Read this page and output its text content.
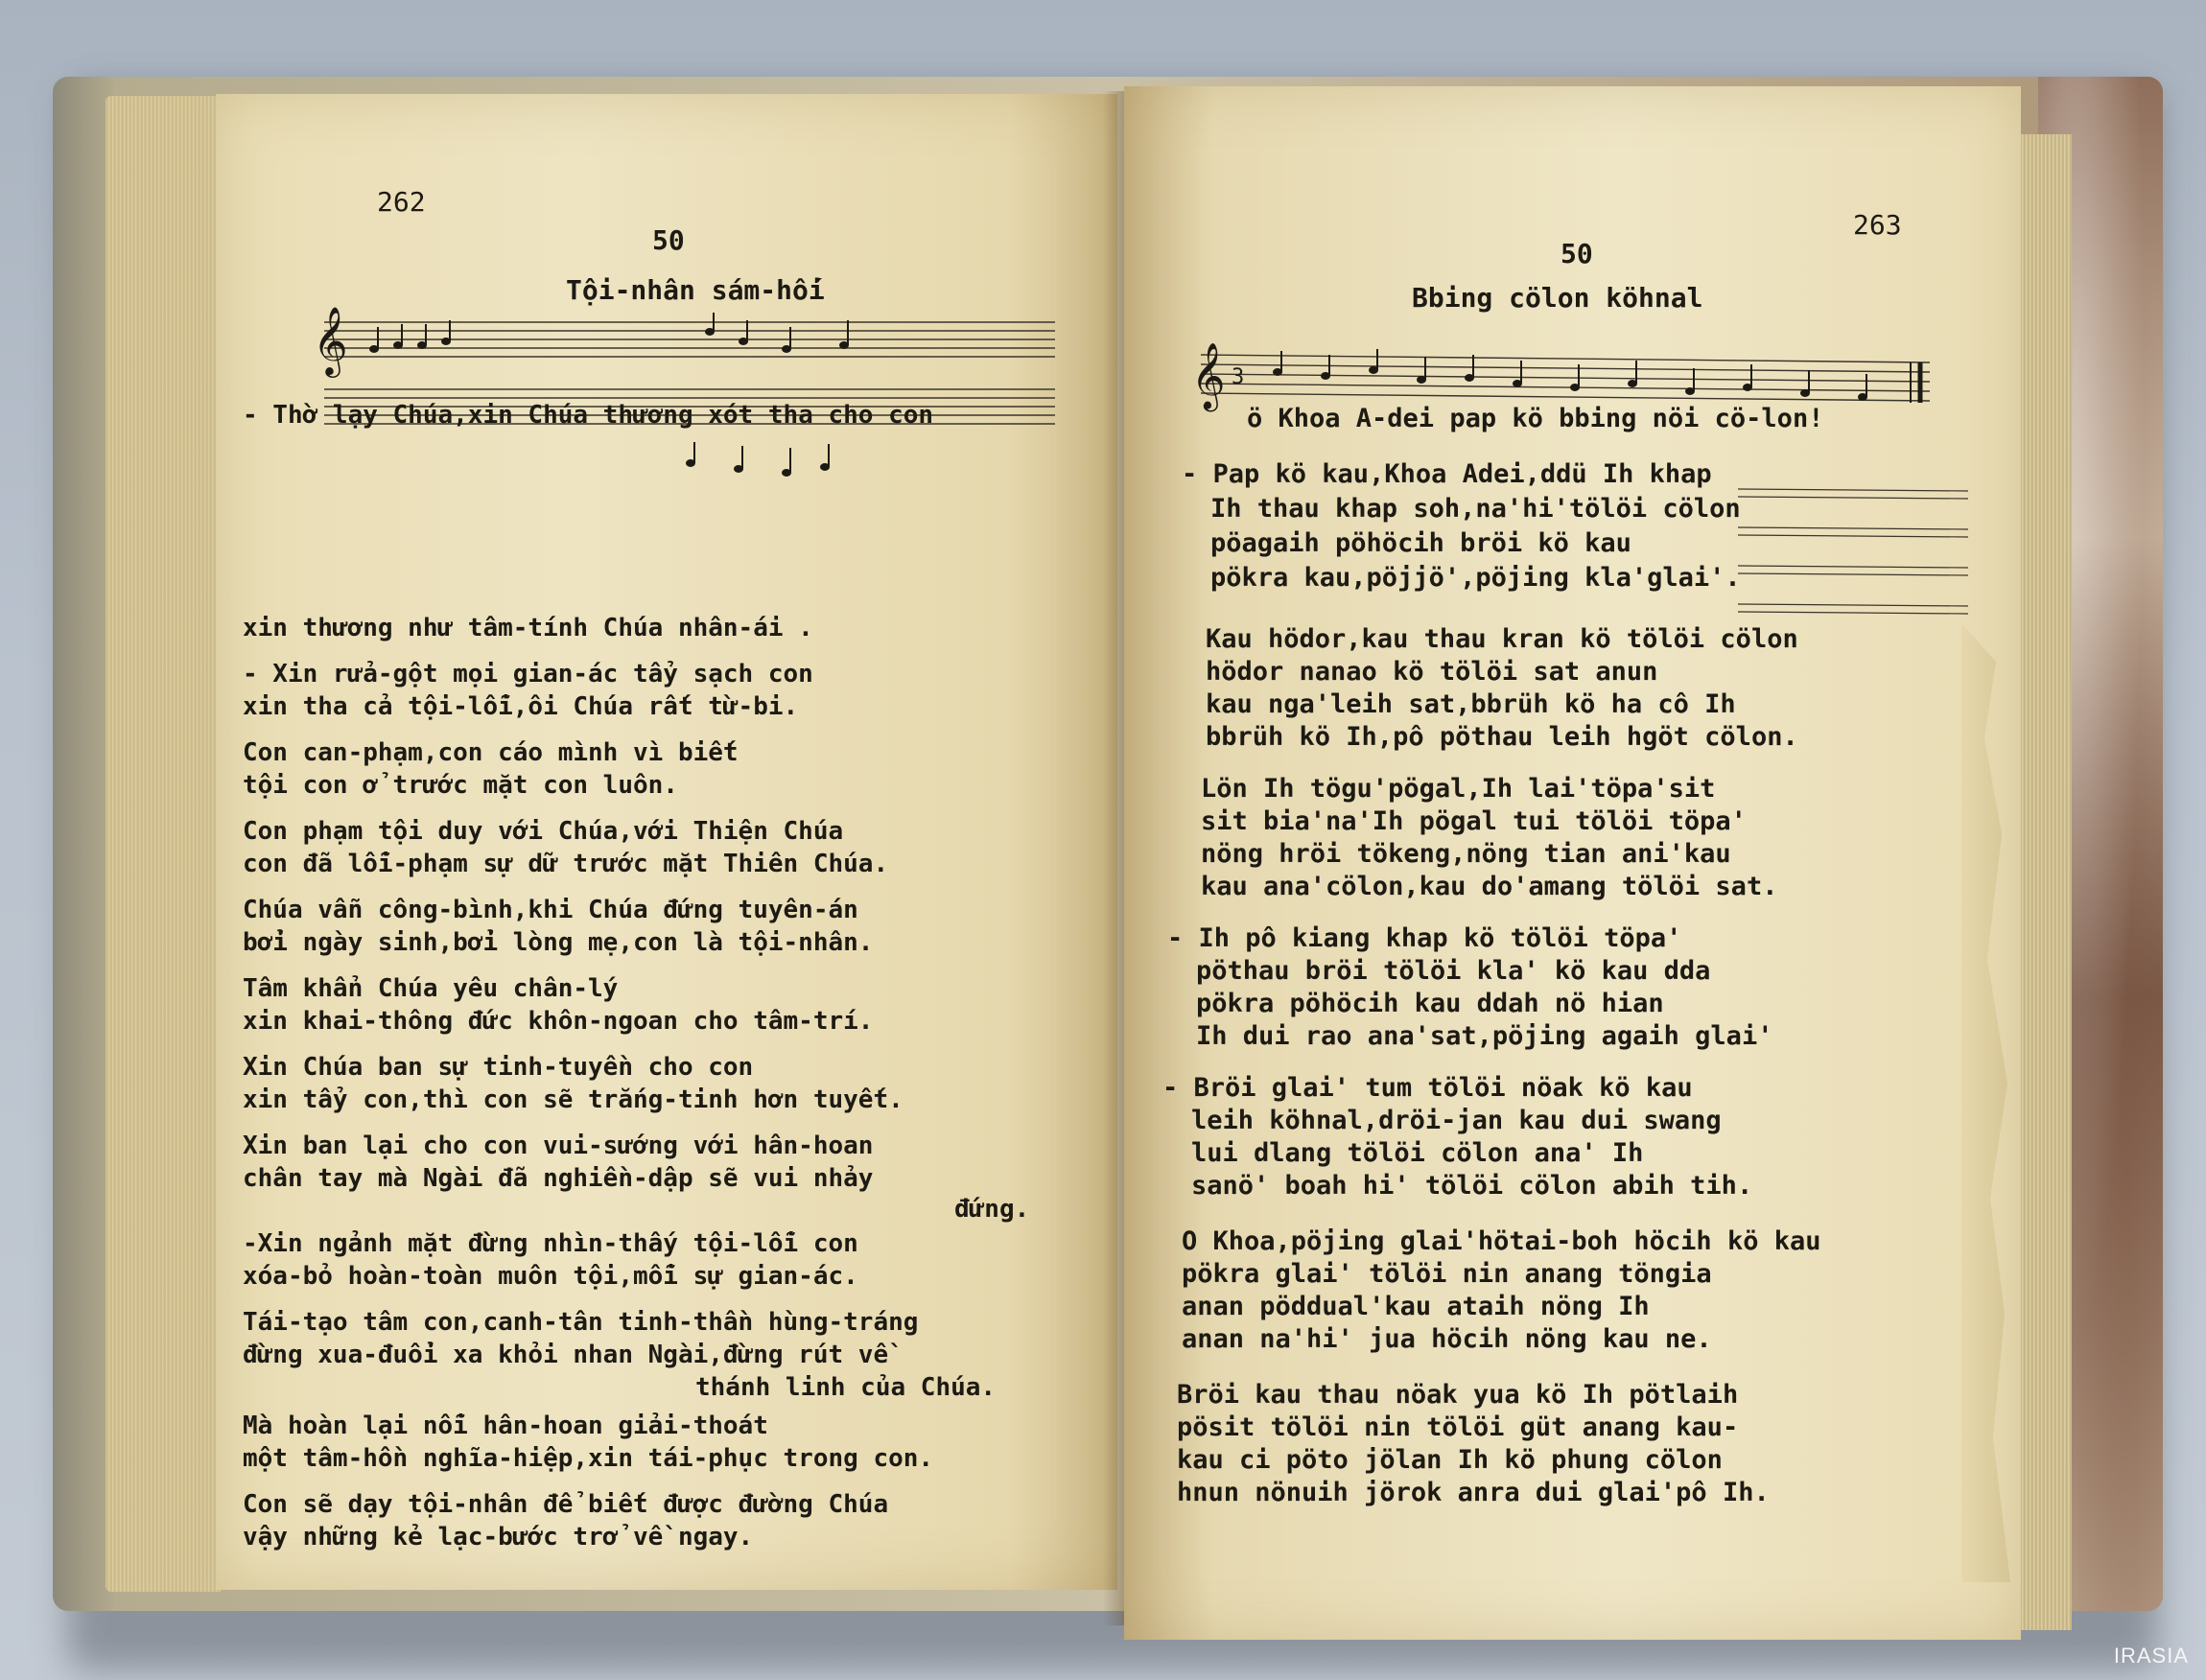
262
50
Tội-nhân sám-hối
𝄞
- Thờ lạy Chúa,xin Chúa thương xót tha cho con
xin thương như tâm-tính Chúa nhân-ái .
- Xin rửa-gột mọi gian-ác tẩy sạch con
xin tha cả tội-lỗi,ôi Chúa rất từ-bi.
Con can-phạm,con cáo mình vì biết
tội con ở trước mặt con luôn.
Con phạm tội duy với Chúa,với Thiện Chúa
con đã lỗi-phạm sự dữ trước mặt Thiên Chúa.
Chúa vẫn công-bình,khi Chúa đứng tuyên-án
bởi ngày sinh,bởi lòng mẹ,con là tội-nhân.
Tâm khẩn Chúa yêu chân-lý
xin khai-thông đức khôn-ngoan cho tâm-trí.
Xin Chúa ban sự tinh-tuyền cho con
xin tẩy con,thì con sẽ trắng-tinh hơn tuyết.
Xin ban lại cho con vui-sướng với hân-hoan
chân tay mà Ngài đã nghiền-dập sẽ vui nhảy
đứng.
-Xin ngảnh mặt đừng nhìn-thấy tội-lỗi con
xóa-bỏ hoàn-toàn muôn tội,mỗi sự gian-ác.
Tái-tạo tâm con,canh-tân tinh-thần hùng-tráng
đừng xua-đuổi xa khỏi nhan Ngài,đừng rút về
thánh linh của Chúa.
Mà hoàn lại nỗi hân-hoan giải-thoát
một tâm-hồn nghĩa-hiệp,xin tái-phục trong con.
Con sẽ dạy tội-nhân để biết được đường Chúa
vậy những kẻ lạc-bước trở về ngay.
263
50
Bbing cölon köhnal
𝄞 3
ö Khoa A-dei pap kö bbing nöi cö-lon!
- Pap kö kau,Khoa Adei,ddü Ih khap
Ih thau khap soh,na'hi'tölöi cölon
pöagaih pöhöcih bröi kö kau
pökra kau,pöjjö',pöjing kla'glai'.
Kau hödor,kau thau kran kö tölöi cölon
hödor nanao kö tölöi sat anun
kau nga'leih sat,bbrüh kö ha cô Ih
bbrüh kö Ih,pô pöthau leih hgöt cölon.
Lön Ih tögu'pögal,Ih lai'töpa'sit
sit bia'na'Ih pögal tui tölöi töpa'
nöng hröi tökeng,nöng tian ani'kau
kau ana'cölon,kau do'amang tölöi sat.
- Ih pô kiang khap kö tölöi töpa'
pöthau bröi tölöi kla' kö kau dda
pökra pöhöcih kau ddah nö hian
Ih dui rao ana'sat,pöjing agaih glai'
- Bröi glai' tum tölöi nöak kö kau
leih köhnal,dröi-jan kau dui swang
lui dlang tölöi cölon ana' Ih
sanö' boah hi' tölöi cölon abih tih.
O Khoa,pöjing glai'hötai-boh höcih kö kau
pökra glai' tölöi nin anang töngia
anan pöddual'kau ataih nöng Ih
anan na'hi' jua höcih nöng kau ne.
Bröi kau thau nöak yua kö Ih pötlaih
pösit tölöi nin tölöi güt anang kau-
kau ci pöto jölan Ih kö phung cölon
hnun nönuih jörok anra dui glai'pô Ih.
IRASIA
